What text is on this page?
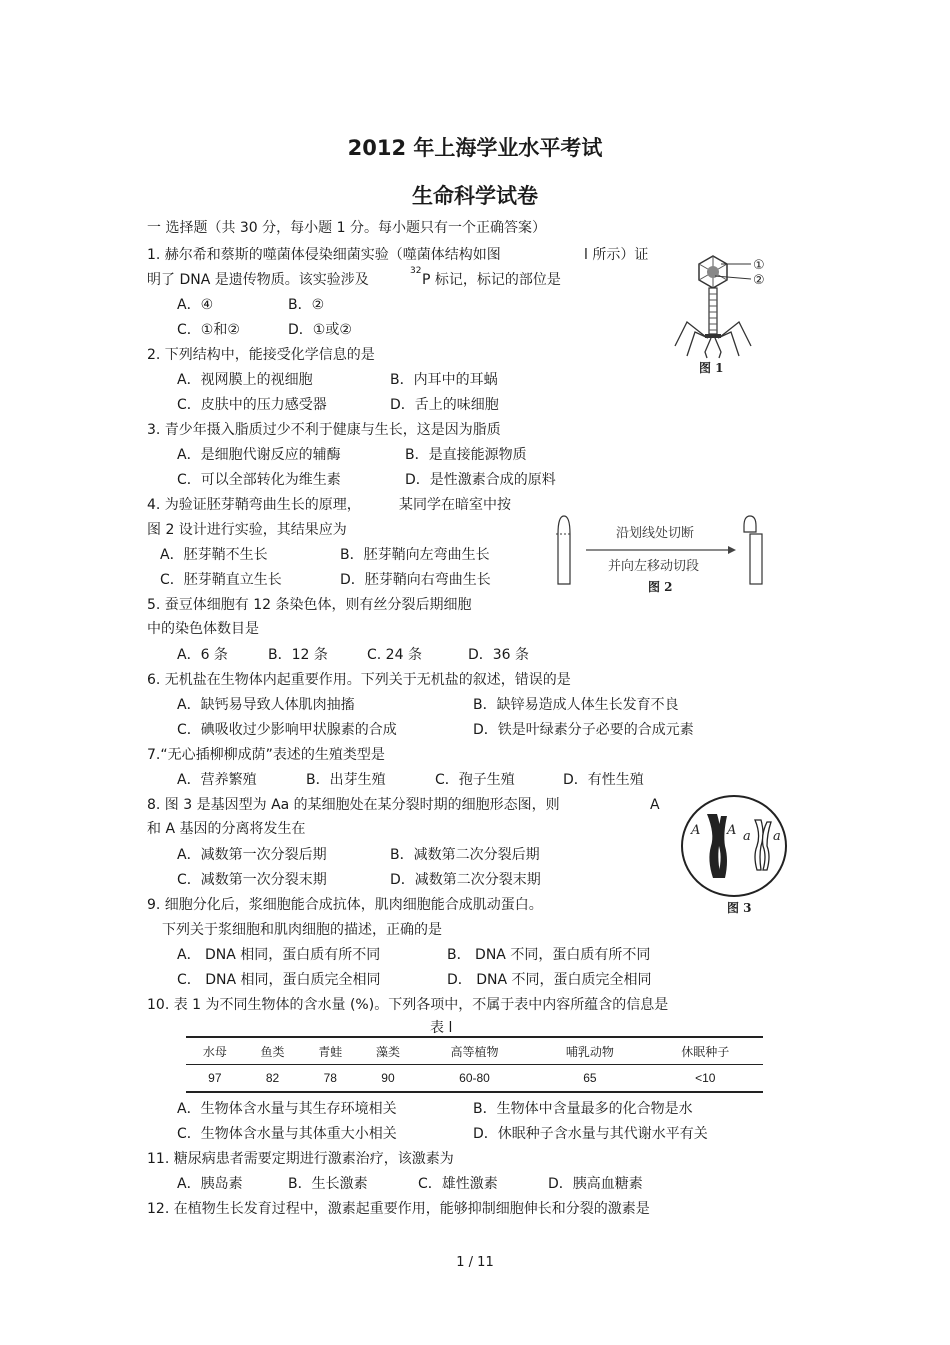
2012 年上海学业水平考试
生命科学试卷
一 选择题（共 30 分，每小题 1 分。每小题只有一个正确答案）
1. 赫尔希和蔡斯的噬菌体侵染细菌实验（噬菌体结构如图	l 所示）证
明了 DNA 是遗传物质。该实验涉及
32
P 标记，标记的部位是
A．④	B．②
C．①和②	D．①或②
①
②
图 1
2. 下列结构中，能接受化学信息的是
A．视网膜上的视细胞	B．内耳中的耳蜗
C．皮肤中的压力感受器	D．舌上的味细胞
3. 青少年摄入脂质过少不利于健康与生长，这是因为脂质
A．是细胞代谢反应的辅酶	B．是直接能源物质
C．可以全部转化为维生素	D．是性激素合成的原料
4. 为验证胚芽鞘弯曲生长的原理，	某同学在暗室中按
图 2 设计进行实验，其结果应为
A．胚芽鞘不生长	B．胚芽鞘向左弯曲生长
C．胚芽鞘直立生长	D．胚芽鞘向右弯曲生长
沿划线处切断
并向左移动切段
图 2
5. 蚕豆体细胞有 12 条染色体，则有丝分裂后期细胞
中的染色体数目是
A．6 条	B．12 条	C. 24 条	D．36 条
6. 无机盐在生物体内起重要作用。下列关于无机盐的叙述，错误的是
A．缺钙易导致人体肌肉抽搐	B．缺锌易造成人体生长发育不良
C．碘吸收过少影响甲状腺素的合成	D．铁是叶绿素分子必要的合成元素
7.“无心插柳柳成荫”表述的生殖类型是
A．营养繁殖	B．出芽生殖	C．孢子生殖	D．有性生殖
8. 图 3 是基因型为 Aa 的某细胞处在某分裂时期的细胞形态图，则	A
和 A 基因的分离将发生在
A．减数第一次分裂后期	B．减数第二次分裂后期
C．减数第一次分裂末期	D．减数第二次分裂末期
A A a a
图 3
9. 细胞分化后，浆细胞能合成抗体，肌肉细胞能合成肌动蛋白。
下列关于浆细胞和肌肉细胞的描述，正确的是
A． DNA 相同，蛋白质有所不同	B． DNA 不同，蛋白质有所不同
C． DNA 相同，蛋白质完全相同	D． DNA 不同，蛋白质完全相同
10. 表 1 为不同生物体的含水量 (%)。下列各项中，不属于表中内容所蕴含的信息是
表 l
水母	鱼类	青蛙	藻类	高等植物	哺乳动物	休眠种子
97	82	78	90	60-80	65	<10
A．生物体含水量与其生存环境相关	B．生物体中含量最多的化合物是水
C．生物体含水量与其体重大小相关	D．休眠种子含水量与其代谢水平有关
11. 糖尿病患者需要定期进行激素治疗，该激素为
A．胰岛素	B．生长激素	C．雄性激素	D．胰高血糖素
12. 在植物生长发育过程中，激素起重要作用，能够抑制细胞伸长和分裂的激素是
1 / 11
